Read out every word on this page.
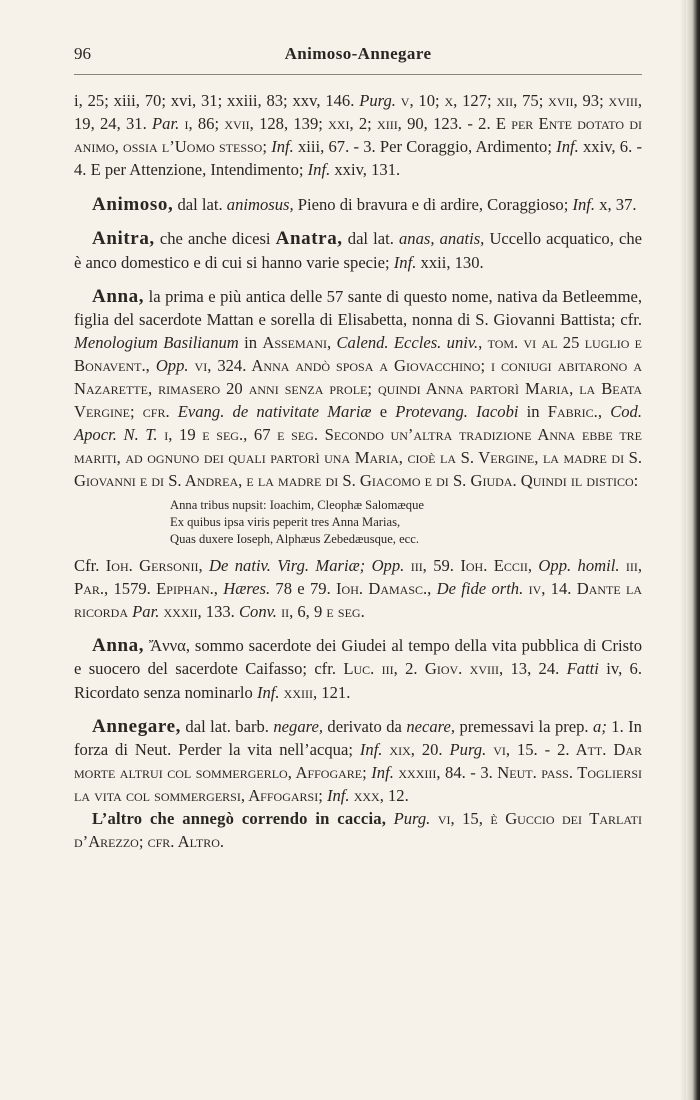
96	Animoso-Annegare

i, 25; xiii, 70; xvi, 31; xxiii, 83; xxv, 146. Purg. v, 10; x, 127; xii, 75; xvii, 93; xviii, 19, 24, 31. Par. i, 86; xvii, 128, 139; xxi, 2; xiii, 90, 123. - 2. E per Ente dotato di animo, ossia l’Uomo stesso; Inf. xiii, 67. - 3. Per Coraggio, Ardimento; Inf. xxiv, 6. - 4. E per Attenzione, Intendimento; Inf. xxiv, 131.

Animoso, dal lat. animosus, Pieno di bravura e di ardire, Coraggioso; Inf. x, 37.

Anitra, che anche dicesi Anatra, dal lat. anas, anatis, Uccello acquatico, che è anco domestico e di cui si hanno varie specie; Inf. xxii, 130.

Anna, la prima e più antica delle 57 sante di questo nome, nativa da Betleemme, figlia del sacerdote Mattan e sorella di Elisabetta, nonna di S. Giovanni Battista; cfr. Menologium Basilianum in Assemani, Calend. Eccles. univ., tom. vi al 25 luglio e Bonavent., Opp. vi, 324. Anna andò sposa a Giovacchino; i coniugi abitarono a Nazarette, rimasero 20 anni senza prole; quindi Anna partorì Maria, la Beata Vergine; cfr. Evang. de nativitate Mariæ e Protevang. Iacobi in Fabric., Cod. Apocr. N. T. i, 19 e seg., 67 e seg. Secondo un’altra tradizione Anna ebbe tre mariti, ad ognuno dei quali partorì una Maria, cioè la S. Vergine, la madre di S. Giovanni e di S. Andrea, e la madre di S. Giacomo e di S. Giuda. Quindi il distico:

Anna tribus nupsit: Ioachim, Cleophæ Salomæque
Ex quibus ipsa viris peperit tres Anna Marias,
Quas duxere Ioseph, Alphæus Zebedæusque, ecc.

Cfr. Ioh. Gersonii, De nativ. Virg. Mariæ; Opp. iii, 59. Ioh. Eccii, Opp. homil. iii, Par., 1579. Epiphan., Hæres. 78 e 79. Ioh. Damasc., De fide orth. iv, 14. Dante la ricorda Par. xxxii, 133. Conv. ii, 6, 9 e seg.

Anna, Ἄννα, sommo sacerdote dei Giudei al tempo della vita pubblica di Cristo e suocero del sacerdote Caifasso; cfr. Luc. iii, 2. Giov. xviii, 13, 24. Fatti iv, 6. Ricordato senza nominarlo Inf. xxiii, 121.

Annegare, dal lat. barb. negare, derivato da necare, premessavi la prep. a; 1. In forza di Neut. Perder la vita nell’acqua; Inf. xix, 20. Purg. vi, 15. - 2. Att. Dar morte altrui col sommergerlo, Affogare; Inf. xxxiii, 84. - 3. Neut. pass. Togliersi la vita col sommergersi, Affogarsi; Inf. xxx, 12.

L’altro che annegò correndo in caccia, Purg. vi, 15, è Guccio dei Tarlati d’Arezzo; cfr. Altro.
